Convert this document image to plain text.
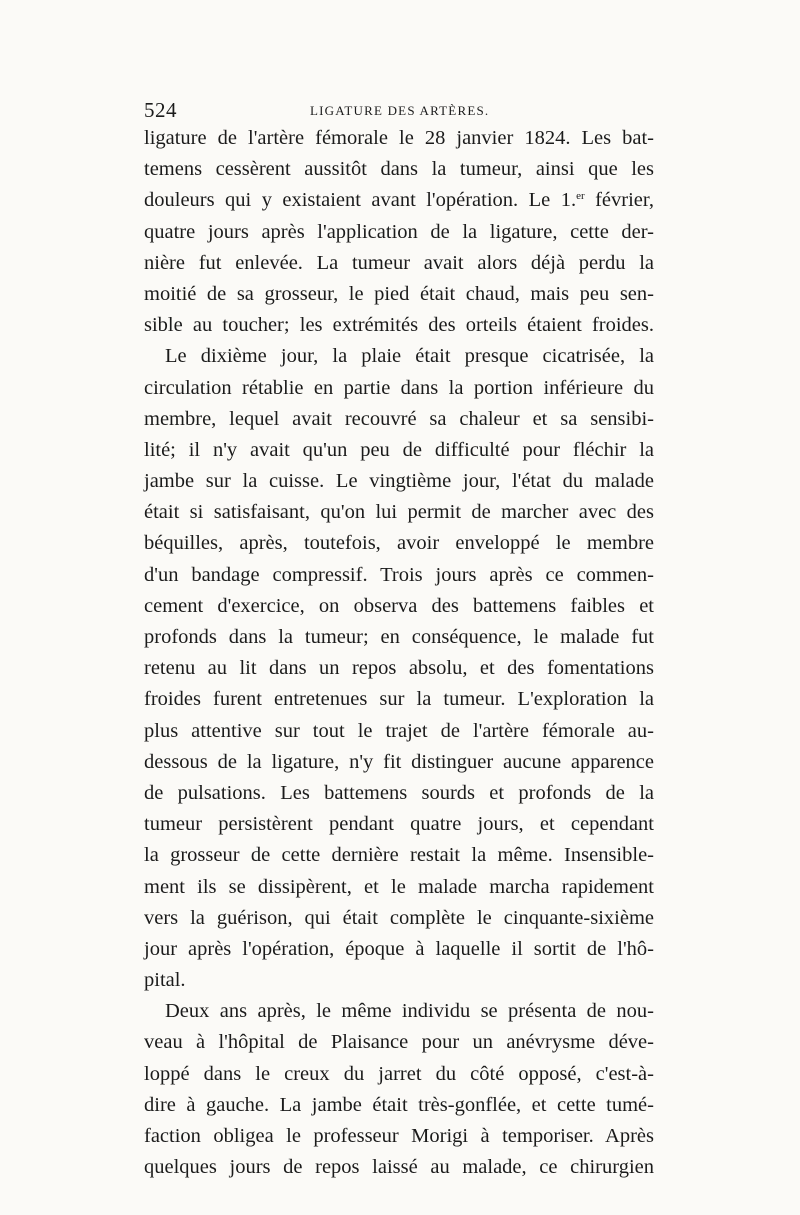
524	LIGATURE DES ARTÈRES.
ligature de l'artère fémorale le 28 janvier 1824. Les bat-
temens cessèrent aussitôt dans la tumeur, ainsi que les
douleurs qui y existaient avant l'opération. Le 1.$^{er}$ février,
quatre jours après l'application de la ligature, cette der-
nière fut enlevée. La tumeur avait alors déjà perdu la
moitié de sa grosseur, le pied était chaud, mais peu sen-
sible au toucher; les extrémités des orteils étaient froides.
Le dixième jour, la plaie était presque cicatrisée, la
circulation rétablie en partie dans la portion inférieure du
membre, lequel avait recouvré sa chaleur et sa sensibi-
lité; il n'y avait qu'un peu de difficulté pour fléchir la
jambe sur la cuisse. Le vingtième jour, l'état du malade
était si satisfaisant, qu'on lui permit de marcher avec des
béquilles, après, toutefois, avoir enveloppé le membre
d'un bandage compressif. Trois jours après ce commen-
cement d'exercice, on observa des battemens faibles et
profonds dans la tumeur; en conséquence, le malade fut
retenu au lit dans un repos absolu, et des fomentations
froides furent entretenues sur la tumeur. L'exploration la
plus attentive sur tout le trajet de l'artère fémorale au-
dessous de la ligature, n'y fit distinguer aucune apparence
de pulsations. Les battemens sourds et profonds de la
tumeur persistèrent pendant quatre jours, et cependant
la grosseur de cette dernière restait la même. Insensible-
ment ils se dissipèrent, et le malade marcha rapidement
vers la guérison, qui était complète le cinquante-sixième
jour après l'opération, époque à laquelle il sortit de l'hô-
pital.
Deux ans après, le même individu se présenta de nou-
veau à l'hôpital de Plaisance pour un anévrysme déve-
loppé dans le creux du jarret du côté opposé, c'est-à-
dire à gauche. La jambe était très-gonflée, et cette tumé-
faction obligea le professeur Morigi à temporiser. Après
quelques jours de repos laissé au malade, ce chirurgien
